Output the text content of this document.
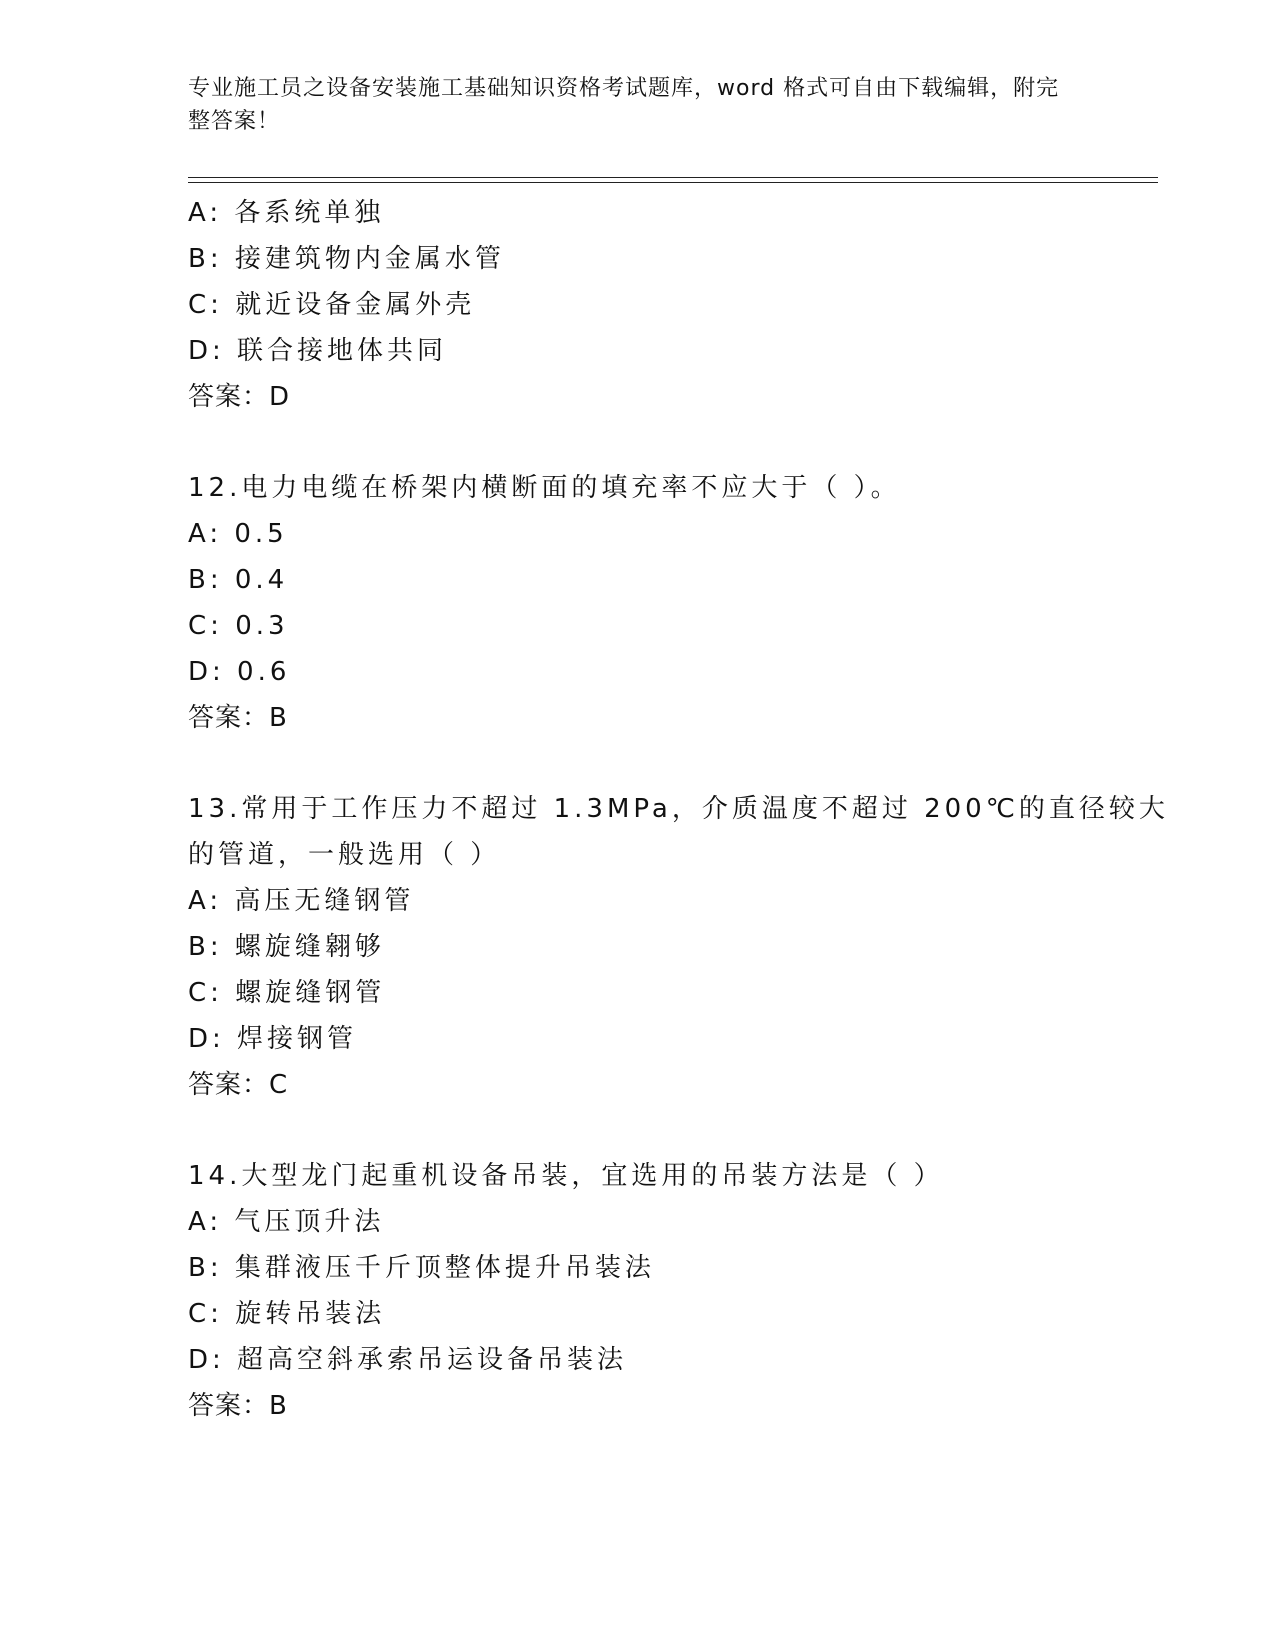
专业施工员之设备安装施工基础知识资格考试题库，word 格式可自由下载编辑，附完整答案！
A: 各系统单独
B: 接建筑物内金属水管
C: 就近设备金属外壳
D: 联合接地体共同
答案：D
12.电力电缆在桥架内横断面的填充率不应大于（ ）。
A: 0.5
B: 0.4
C: 0.3
D: 0.6
答案：B
13.常用于工作压力不超过 1.3MPa，介质温度不超过 200℃的直径较大
的管道，一般选用（ ）
A: 高压无缝钢管
B: 螺旋缝翱够
C: 螺旋缝钢管
D: 焊接钢管
答案：C
14.大型龙门起重机设备吊装，宜选用的吊装方法是（ ）
A: 气压顶升法
B: 集群液压千斤顶整体提升吊装法
C: 旋转吊装法
D: 超高空斜承索吊运设备吊装法
答案：B
